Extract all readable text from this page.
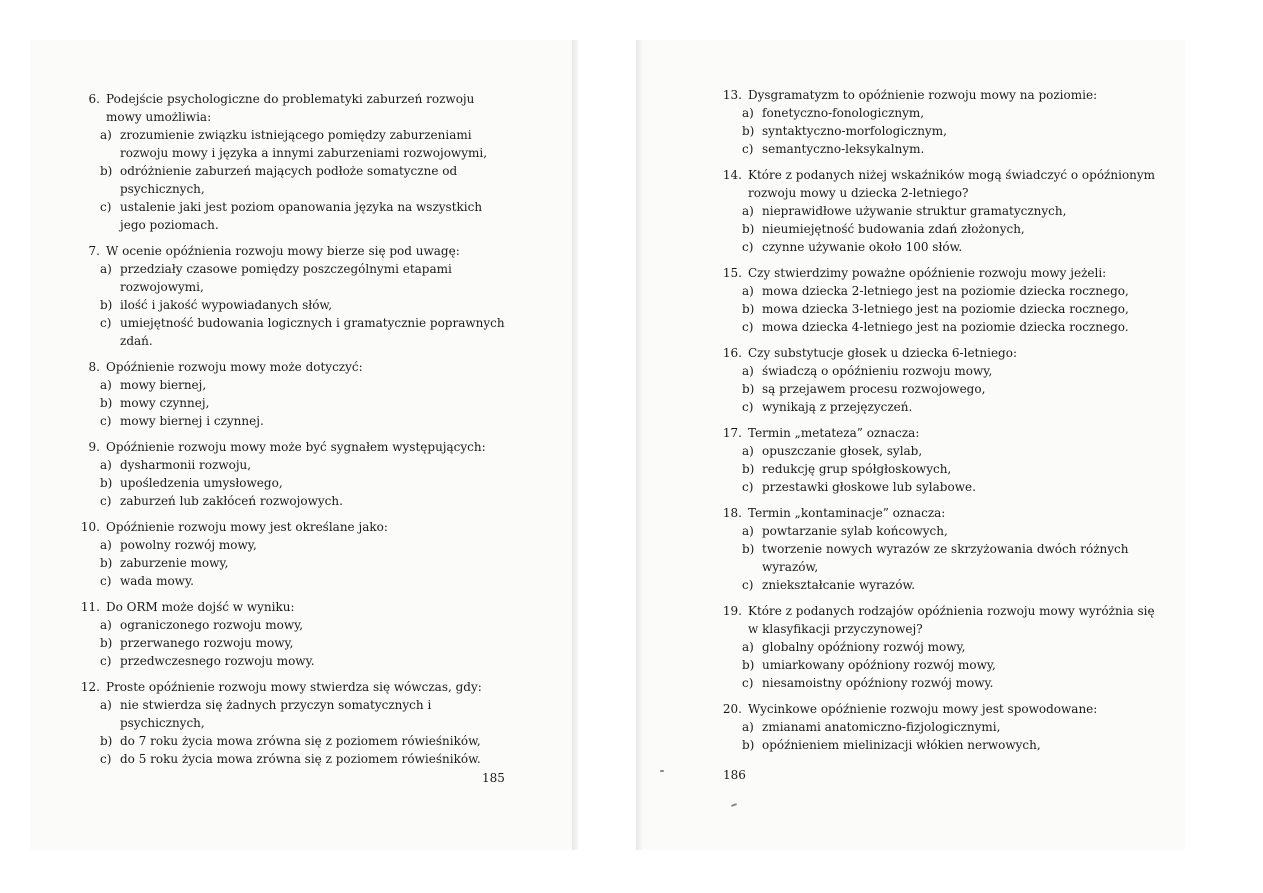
6. Podejście psychologiczne do problematyki zaburzeń rozwoju mowy umożliwia:
a) zrozumienie związku istniejącego pomiędzy zaburzeniami rozwoju mowy i języka a innymi zaburzeniami rozwojowymi,
b) odróżnienie zaburzeń mających podłoże somatyczne od psychicznych,
c) ustalenie jaki jest poziom opanowania języka na wszystkich jego poziomach.
7. W ocenie opóźnienia rozwoju mowy bierze się pod uwagę:
a) przedziały czasowe pomiędzy poszczególnymi etapami rozwojowymi,
b) ilość i jakość wypowiadanych słów,
c) umiejętność budowania logicznych i gramatycznie poprawnych zdań.
8. Opóźnienie rozwoju mowy może dotyczyć:
a) mowy biernej,
b) mowy czynnej,
c) mowy biernej i czynnej.
9. Opóźnienie rozwoju mowy może być sygnałem występujących:
a) dysharmonii rozwoju,
b) upośledzenia umysłowego,
c) zaburzeń lub zakłóceń rozwojowych.
10. Opóźnienie rozwoju mowy jest określane jako:
a) powolny rozwój mowy,
b) zaburzenie mowy,
c) wada mowy.
11. Do ORM może dojść w wyniku:
a) ograniczonego rozwoju mowy,
b) przerwanego rozwoju mowy,
c) przedwczesnego rozwoju mowy.
12. Proste opóźnienie rozwoju mowy stwierdza się wówczas, gdy:
a) nie stwierdza się żadnych przyczyn somatycznych i psychicznych,
b) do 7 roku życia mowa zrówna się z poziomem rówieśników,
c) do 5 roku życia mowa zrówna się z poziomem rówieśników.
13. Dysgramatyzm to opóźnienie rozwoju mowy na poziomie:
a) fonetyczno-fonologicznym,
b) syntaktyczno-morfologicznym,
c) semantyczno-leksykalnym.
14. Które z podanych niżej wskaźników mogą świadczyć o opóźnionym rozwoju mowy u dziecka 2-letniego?
a) nieprawidłowe używanie struktur gramatycznych,
b) nieumiejętność budowania zdań złożonych,
c) czynne używanie około 100 słów.
15. Czy stwierdzimy poważne opóźnienie rozwoju mowy jeżeli:
a) mowa dziecka 2-letniego jest na poziomie dziecka rocznego,
b) mowa dziecka 3-letniego jest na poziomie dziecka rocznego,
c) mowa dziecka 4-letniego jest na poziomie dziecka rocznego.
16. Czy substytucje głosek u dziecka 6-letniego:
a) świadczą o opóźnieniu rozwoju mowy,
b) są przejawem procesu rozwojowego,
c) wynikają z przejęzyczeń.
17. Termin „metateza” oznacza:
a) opuszczanie głosek, sylab,
b) redukcję grup spółgłoskowych,
c) przestawki głoskowe lub sylabowe.
18. Termin „kontaminacje” oznacza:
a) powtarzanie sylab końcowych,
b) tworzenie nowych wyrazów ze skrzyżowania dwóch różnych wyrazów,
c) zniekształcanie wyrazów.
19. Które z podanych rodzajów opóźnienia rozwoju mowy wyróżnia się w klasyfikacji przyczynowej?
a) globalny opóźniony rozwój mowy,
b) umiarkowany opóźniony rozwój mowy,
c) niesamoistny opóźniony rozwój mowy.
20. Wycinkowe opóźnienie rozwoju mowy jest spowodowane:
a) zmianami anatomiczno-fizjologicznymi,
b) opóźnieniem mielinizacji włókien nerwowych,
185	186
